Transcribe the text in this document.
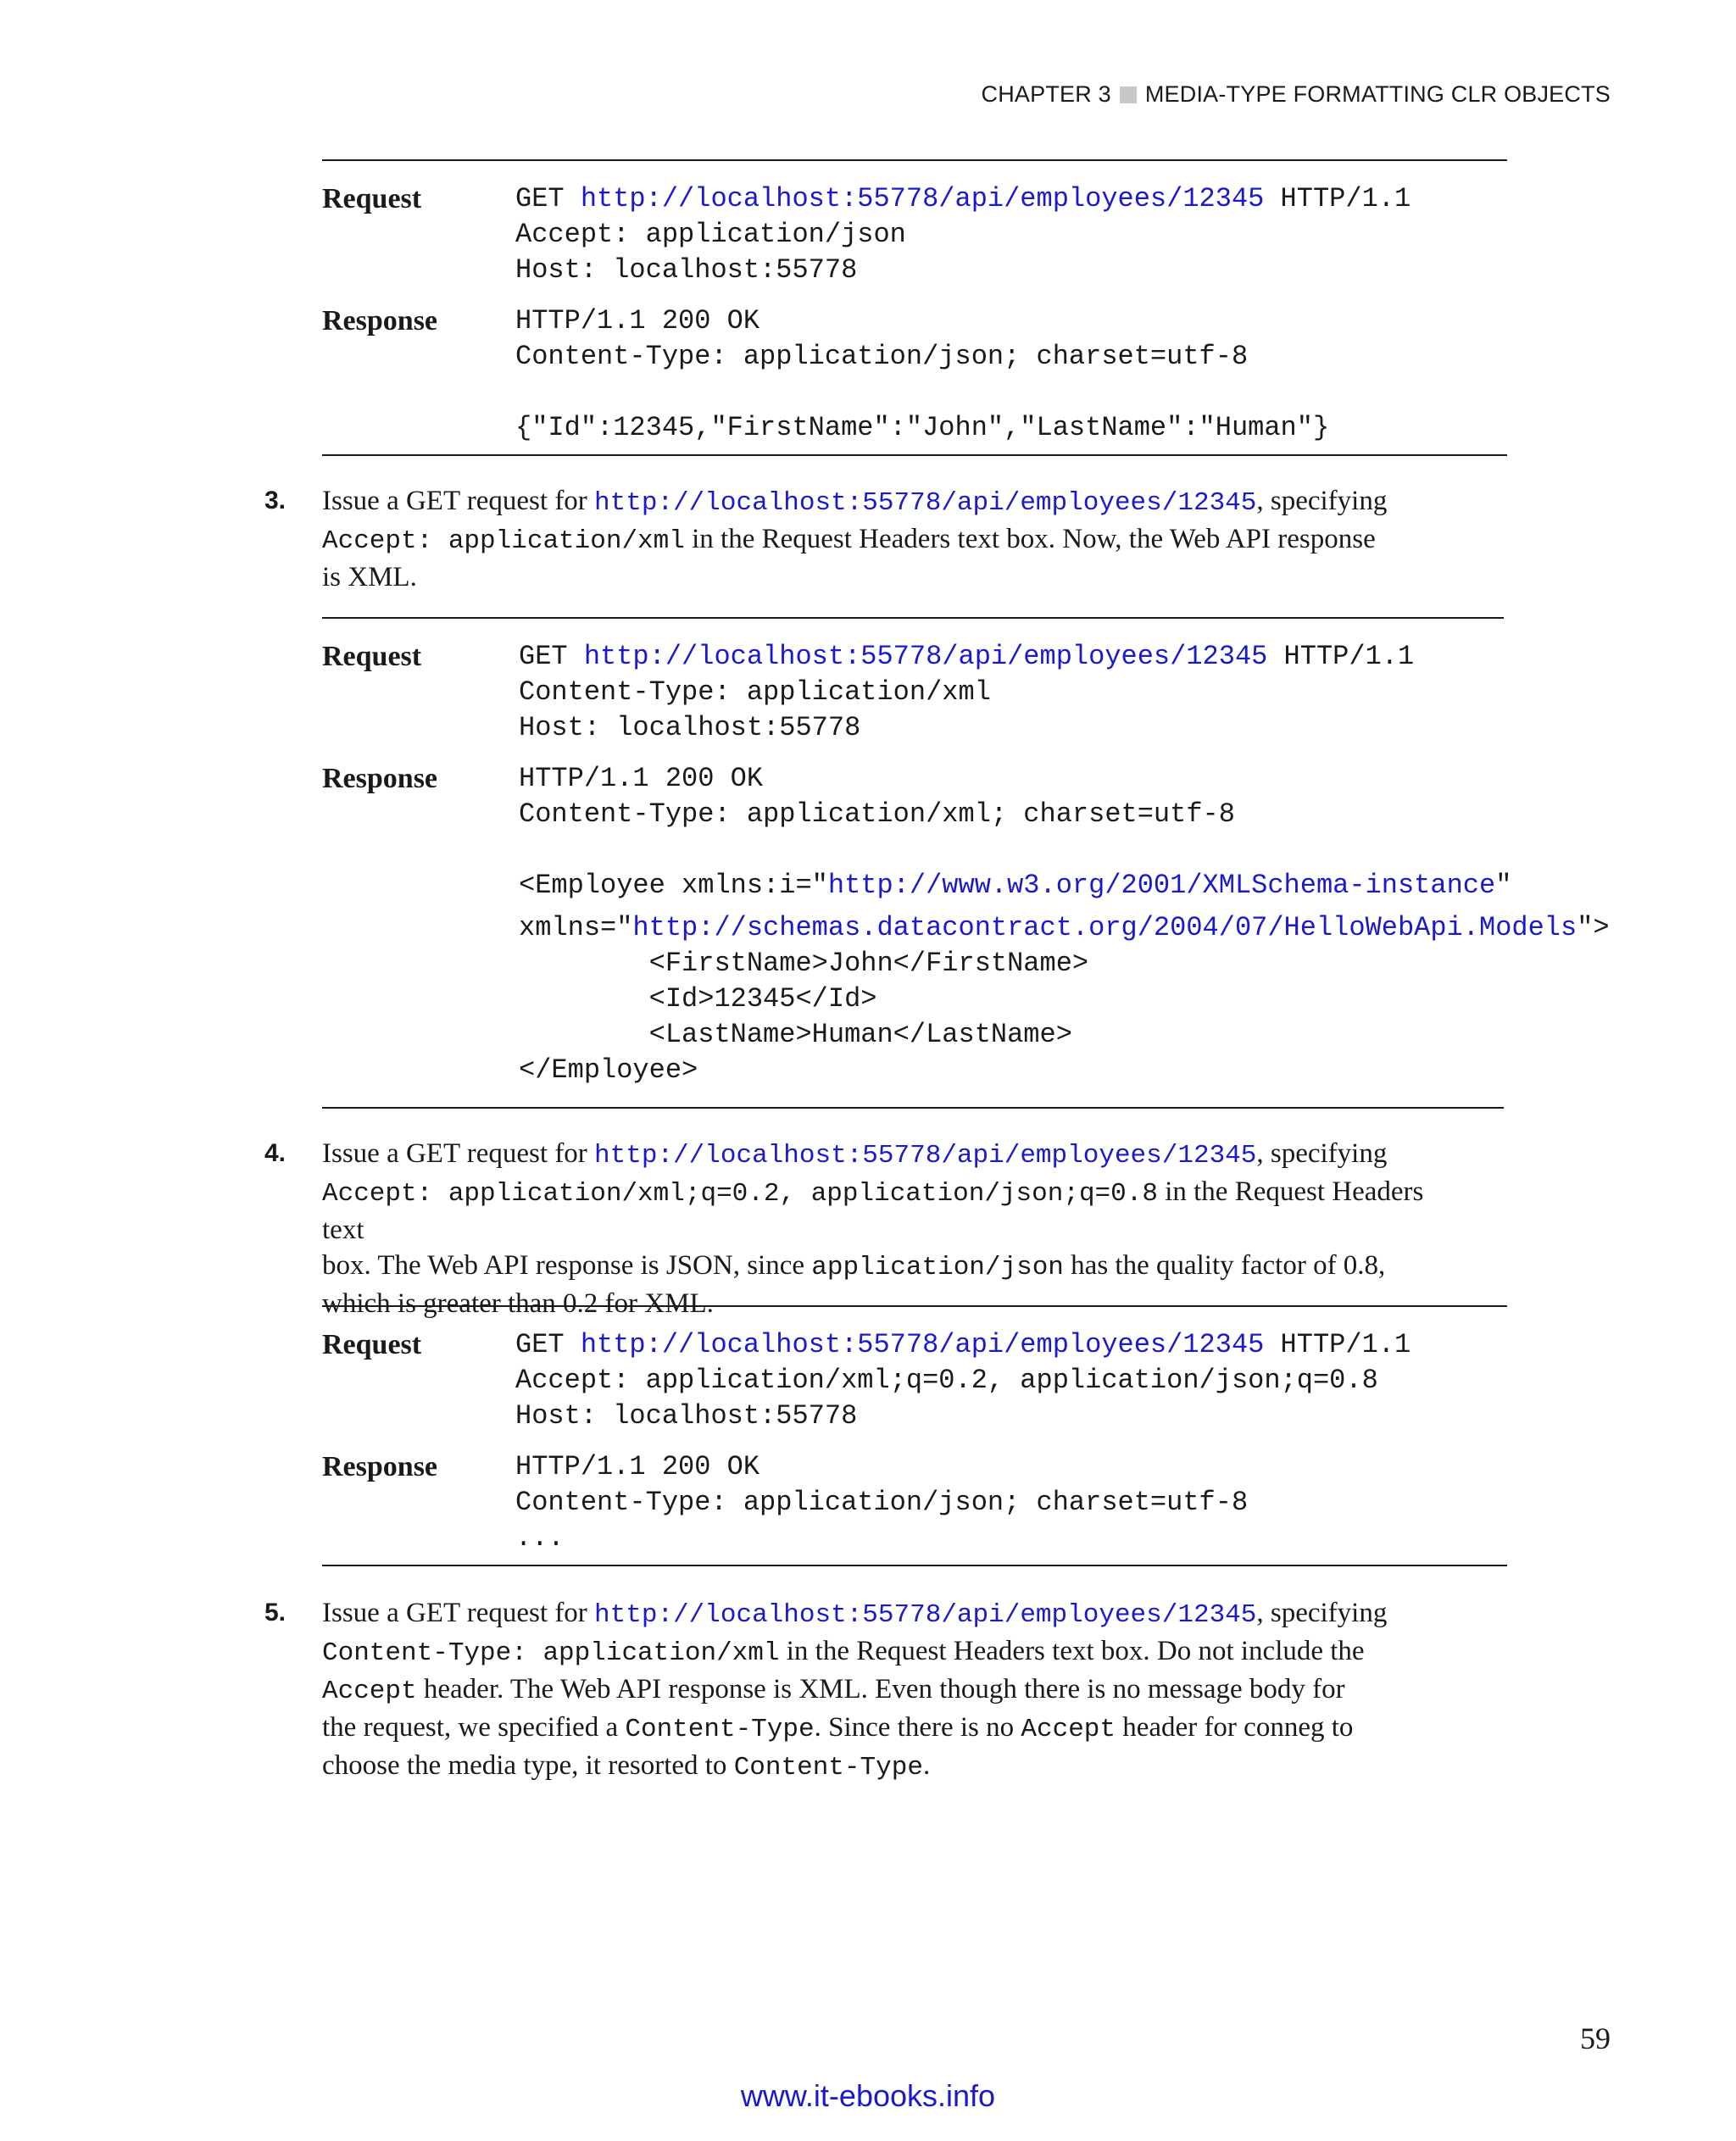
CHAPTER 3 MEDIA-TYPE FORMATTING CLR OBJECTS
Request	GET http://localhost:55778/api/employees/12345 HTTP/1.1
Accept: application/json
Host: localhost:55778
Response	HTTP/1.1 200 OK
Content-Type: application/json; charset=utf-8

{"Id":12345,"FirstName":"John","LastName":"Human"}
3. Issue a GET request for http://localhost:55778/api/employees/12345, specifying
Accept: application/xml in the Request Headers text box. Now, the Web API response
is XML.
Request	GET http://localhost:55778/api/employees/12345 HTTP/1.1
Content-Type: application/xml
Host: localhost:55778
Response	HTTP/1.1 200 OK
Content-Type: application/xml; charset=utf-8

<Employee xmlns:i="http://www.w3.org/2001/XMLSchema-instance"

xmlns="http://schemas.datacontract.org/2004/07/HelloWebApi.Models">
<FirstName>John</FirstName>
<Id>12345</Id>
<LastName>Human</LastName>
</Employee>
4. Issue a GET request for http://localhost:55778/api/employees/12345, specifying
Accept: application/xml;q=0.2, application/json;q=0.8 in the Request Headers text
box. The Web API response is JSON, since application/json has the quality factor of 0.8,
which is greater than 0.2 for XML.
Request	GET http://localhost:55778/api/employees/12345 HTTP/1.1
Accept: application/xml;q=0.2, application/json;q=0.8
Host: localhost:55778
Response	HTTP/1.1 200 OK
Content-Type: application/json; charset=utf-8
...
5. Issue a GET request for http://localhost:55778/api/employees/12345, specifying
Content-Type: application/xml in the Request Headers text box. Do not include the
Accept header. The Web API response is XML. Even though there is no message body for
the request, we specified a Content-Type. Since there is no Accept header for conneg to
choose the media type, it resorted to Content-Type.
59
www.it-ebooks.info
